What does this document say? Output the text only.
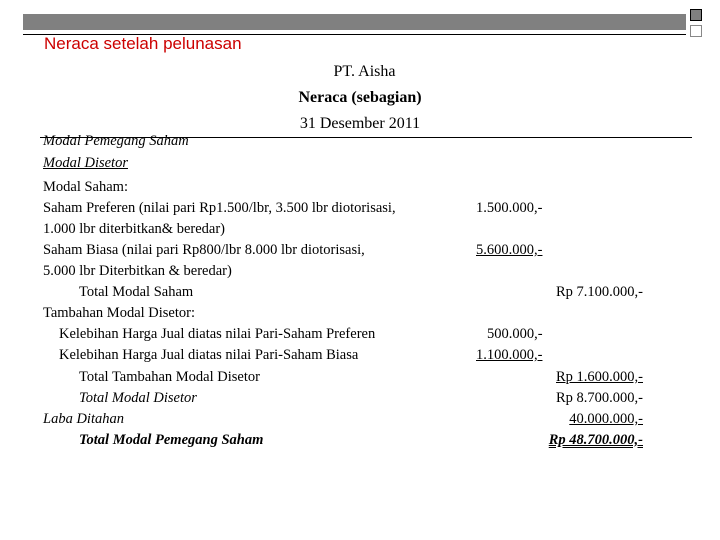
Neraca setelah pelunasan
PT. Aisha
Neraca (sebagian)
31 Desember 2011
Modal Pemegang Saham
Modal Disetor
Modal Saham:
Saham Preferen (nilai pari Rp1.500/lbr, 3.500 lbr diotorisasi,	1.500.000,-
1.000 lbr diterbitkan& beredar)
Saham Biasa (nilai pari Rp800/lbr 8.000 lbr diotorisasi,	5.600.000,-
5.000 lbr Diterbitkan & beredar)
Total Modal Saham	Rp 7.100.000,-
Tambahan Modal Disetor:
Kelebihan Harga Jual diatas nilai Pari-Saham Preferen	500.000,-
Kelebihan Harga Jual diatas nilai Pari-Saham Biasa	1.100.000,-
Total Tambahan Modal Disetor	Rp 1.600.000,-
Total Modal Disetor	Rp 8.700.000,-
Laba Ditahan	40.000.000,-
Total Modal Pemegang Saham	Rp 48.700.000,-
